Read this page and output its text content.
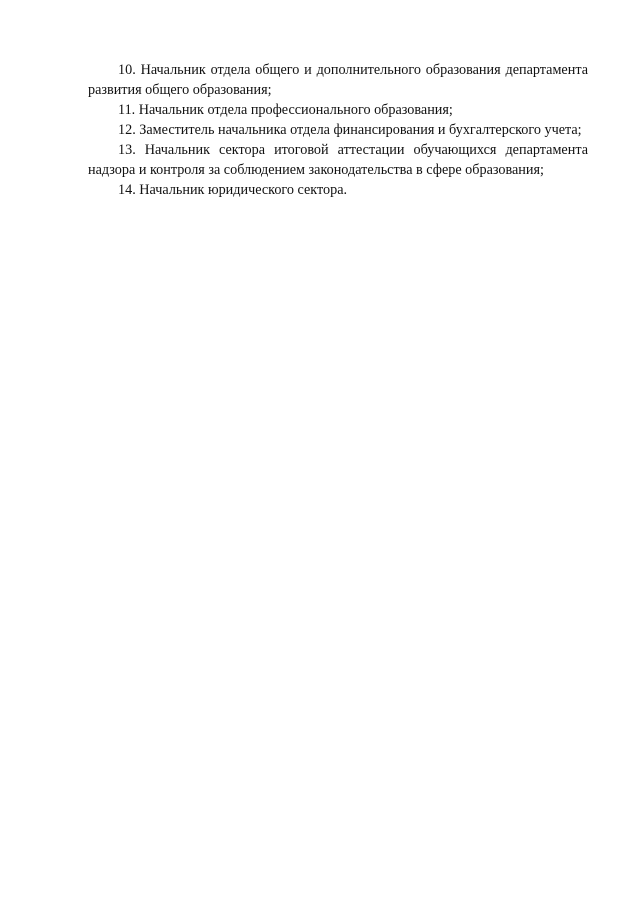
10. Начальник отдела общего и дополнительного образования департамента развития общего образования;

11. Начальник отдела профессионального образования;

12. Заместитель начальника отдела финансирования и бухгалтерского учета;

13. Начальник сектора итоговой аттестации обучающихся департамента надзора и контроля за соблюдением законодательства в сфере образования;

14. Начальник юридического сектора.
